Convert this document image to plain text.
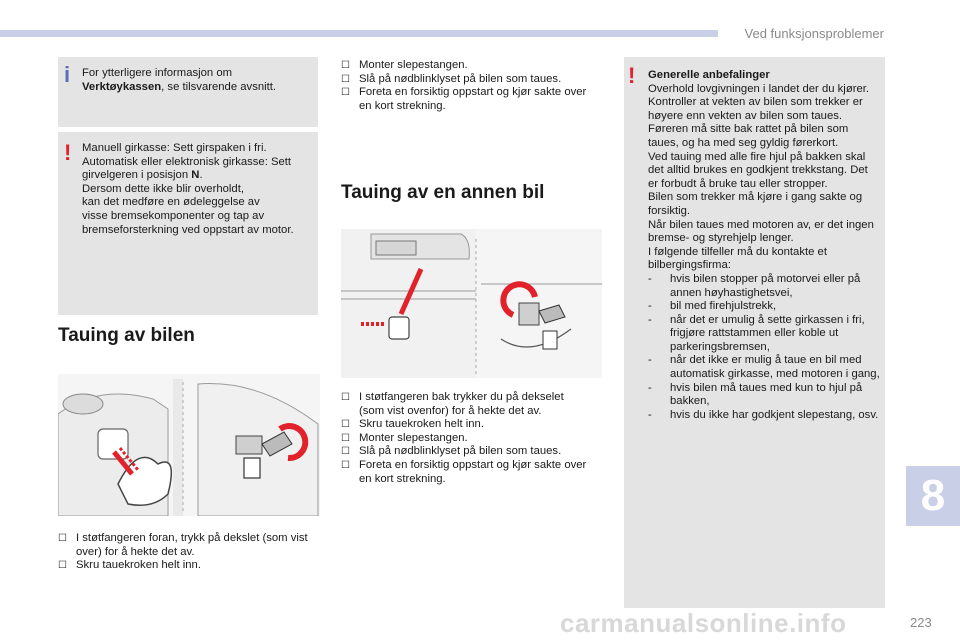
Ved funksjonsproblemer
i For ytterligere informasjon om
Verktøykassen, se tilsvarende avsnitt.
! Manuell girkasse: Sett girspaken i fri.
Automatisk eller elektronisk girkasse: Sett
girvelgeren i posisjon N.
Dersom dette ikke blir overholdt,
kan det medføre en ødeleggelse av
visse bremsekomponenter og tap av
bremseforsterkning ved oppstart av motor.
Tauing av bilen
☐ I støtfangeren foran, trykk på dekslet (som vist over) for å hekte det av.
☐ Skru tauekroken helt inn.
☐ Monter slepestangen.
☐ Slå på nødblinklyset på bilen som taues.
☐ Foreta en forsiktig oppstart og kjør sakte over en kort strekning.
Tauing av en annen bil
☐ I støtfangeren bak trykker du på dekselet (som vist ovenfor) for å hekte det av.
☐ Skru tauekroken helt inn.
☐ Monter slepestangen.
☐ Slå på nødblinklyset på bilen som taues.
☐ Foreta en forsiktig oppstart og kjør sakte over en kort strekning.
! Generelle anbefalinger
Overhold lovgivningen i landet der du kjører.
Kontroller at vekten av bilen som trekker er høyere enn vekten av bilen som taues.
Føreren må sitte bak rattet på bilen som taues, og ha med seg gyldig førerkort.
Ved tauing med alle fire hjul på bakken skal det alltid brukes en godkjent trekkstang. Det er forbudt å bruke tau eller stropper.
Bilen som trekker må kjøre i gang sakte og forsiktig.
Når bilen taues med motoren av, er det ingen bremse- og styrehjelp lenger.
I følgende tilfeller må du kontakte et bilbergingsfirma:
- hvis bilen stopper på motorvei eller på annen høyhastighetsvei,
- bil med firehjulstrekk,
- når det er umulig å sette girkassen i fri, frigjøre rattstammen eller koble ut parkeringsbremsen,
- når det ikke er mulig å taue en bil med automatisk girkasse, med motoren i gang,
- hvis bilen må taues med kun to hjul på bakken,
- hvis du ikke har godkjent slepestang, osv.
8
carmanualsonline.info	223
